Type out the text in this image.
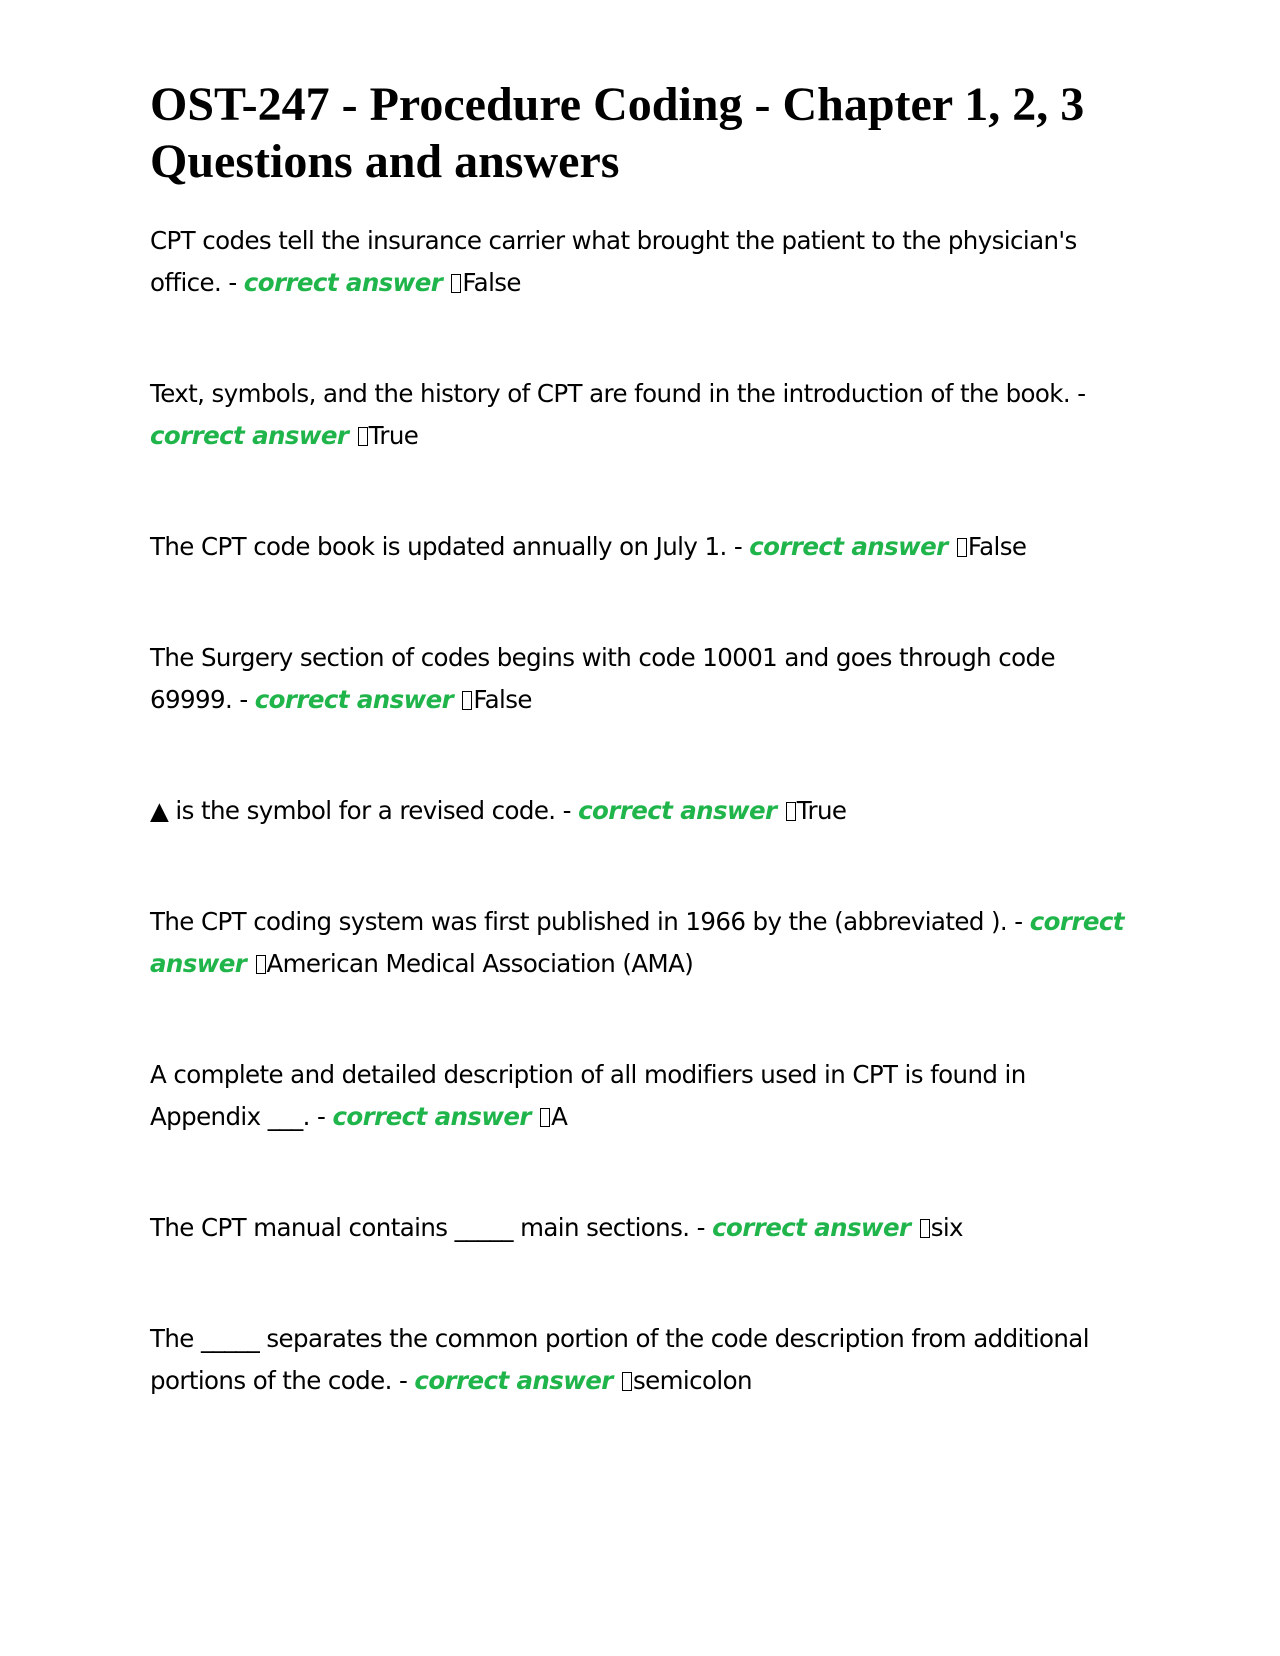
OST-247 - Procedure Coding - Chapter 1, 2, 3 Questions and answers

CPT codes tell the insurance carrier what brought the patient to the physician's office. - correct answer False

Text, symbols, and the history of CPT are found in the introduction of the book. - correct answer True

The CPT code book is updated annually on July 1. - correct answer False

The Surgery section of codes begins with code 10001 and goes through code 69999. - correct answer False

▲ is the symbol for a revised code. - correct answer True

The CPT coding system was first published in 1966 by the (abbreviated ). - correct answer American Medical Association (AMA)

A complete and detailed description of all modifiers used in CPT is found in Appendix ___. - correct answer A

The CPT manual contains _____ main sections. - correct answer six

The _____ separates the common portion of the code description from additional portions of the code. - correct answer semicolon
